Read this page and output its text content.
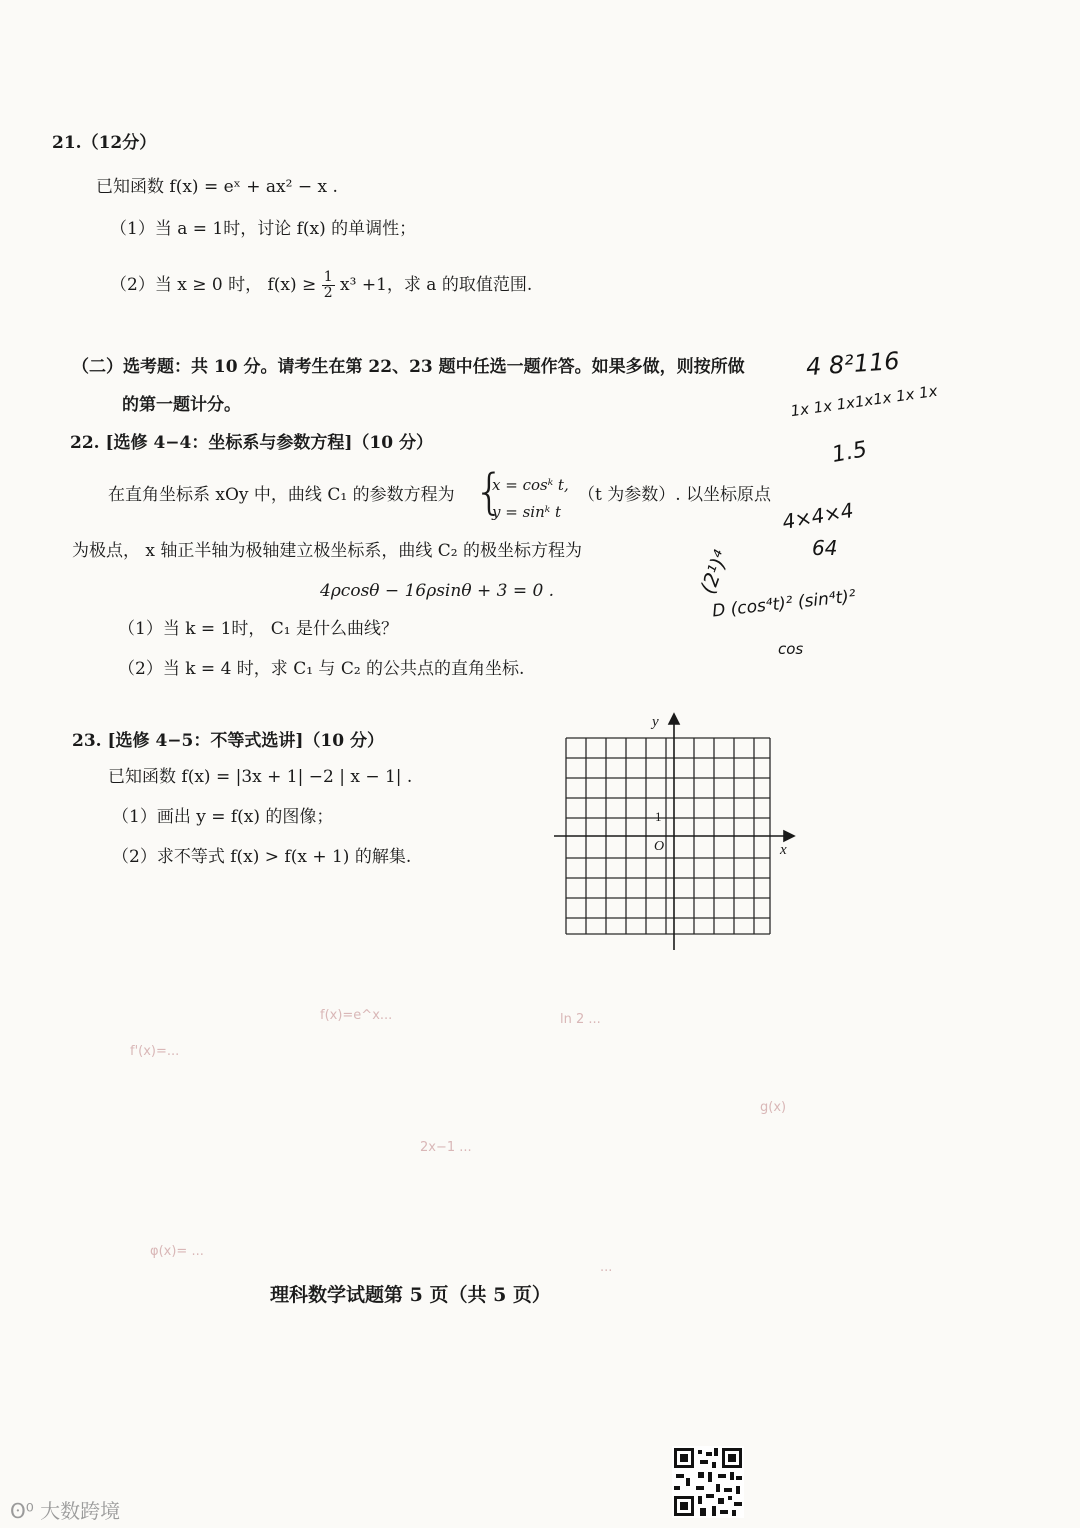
21.（12分）
已知函数 f(x) = eˣ + ax² − x .
（1）当 a = 1时，讨论 f(x) 的单调性；
（2）当 x ≥ 0 时， $f(x) \ge \frac{1}{2} x^3 +1$，求 a 的取值范围.
（二）选考题：共 10 分。请考生在第 22、23 题中任选一题作答。如果多做，则按所做
的第一题计分。
22. [选修 4−4：坐标系与参数方程]（10 分）
在直角坐标系 xOy 中，曲线 C₁ 的参数方程为 {
x = cosᵏ t,
y = sinᵏ t
（t 为参数）. 以坐标原点
为极点， x 轴正半轴为极轴建立极坐标系，曲线 C₂ 的极坐标方程为
4ρcosθ − 16ρsinθ + 3 = 0 .
（1）当 k = 1时， C₁ 是什么曲线？
（2）当 k = 4 时，求 C₁ 与 C₂ 的公共点的直角坐标.
23. [选修 4−5：不等式选讲]（10 分）
已知函数 f(x) = |3x + 1| −2 | x − 1| .
（1）画出 y = f(x) 的图像；
（2）求不等式 f(x) > f(x + 1) 的解集.
y
x
O
1
4 8²116
1x 1x 1x1x1x 1x 1x
1.5
4×4×4
64
(2¹)⁴
D (cos⁴t)² (sin⁴t)²
cos
f(x)=e^x...	ln 2 ...
f'(x)=...
2x−1 ...
φ(x)= ...
g(x)
...
理科数学试题第 5 页（共 5 页）
ʘ⁰ 大数跨境
